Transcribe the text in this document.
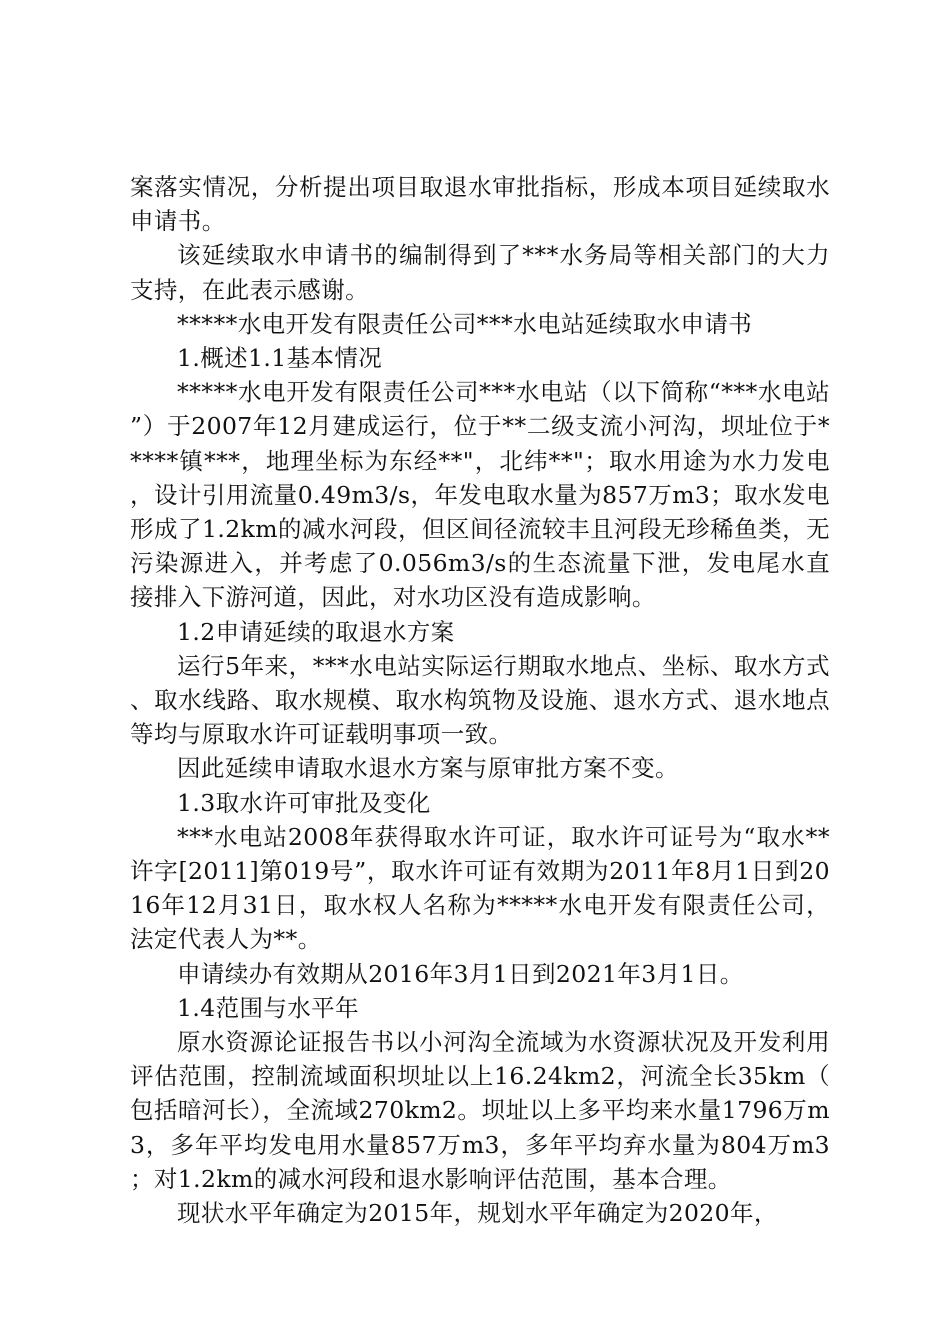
案落实情况，分析提出项目取退水审批指标，形成本项目延续取水申请书。

该延续取水申请书的编制得到了***水务局等相关部门的大力支持，在此表示感谢。

*****水电开发有限责任公司***水电站延续取水申请书

1.概述1.1基本情况

*****水电开发有限责任公司***水电站（以下简称“***水电站”）于2007年12月建成运行，位于**二级支流小河沟，坝址位于*****镇***，地理坐标为东经**"，北纬**"；取水用途为水力发电，设计引用流量0.49m3/s，年发电取水量为857万m3；取水发电形成了1.2km的减水河段，但区间径流较丰且河段无珍稀鱼类，无污染源进入，并考虑了0.056m3/s的生态流量下泄，发电尾水直接排入下游河道，因此，对水功区没有造成影响。

1.2申请延续的取退水方案

运行5年来，***水电站实际运行期取水地点、坐标、取水方式、取水线路、取水规模、取水构筑物及设施、退水方式、退水地点等均与原取水许可证载明事项一致。

因此延续申请取水退水方案与原审批方案不变。

1.3取水许可审批及变化

***水电站2008年获得取水许可证，取水许可证号为“取水**许字[2011]第019号”，取水许可证有效期为2011年8月1日到2016年12月31日，取水权人名称为*****水电开发有限责任公司，法定代表人为**。

申请续办有效期从2016年3月1日到2021年3月1日。

1.4范围与水平年

原水资源论证报告书以小河沟全流域为水资源状况及开发利用评估范围，控制流域面积坝址以上16.24km2，河流全长35km（包括暗河长），全流域270km2。坝址以上多平均来水量1796万m3，多年平均发电用水量857万m3，多年平均弃水量为804万m3；对1.2km的减水河段和退水影响评估范围，基本合理。

现状水平年确定为2015年，规划水平年确定为2020年，
